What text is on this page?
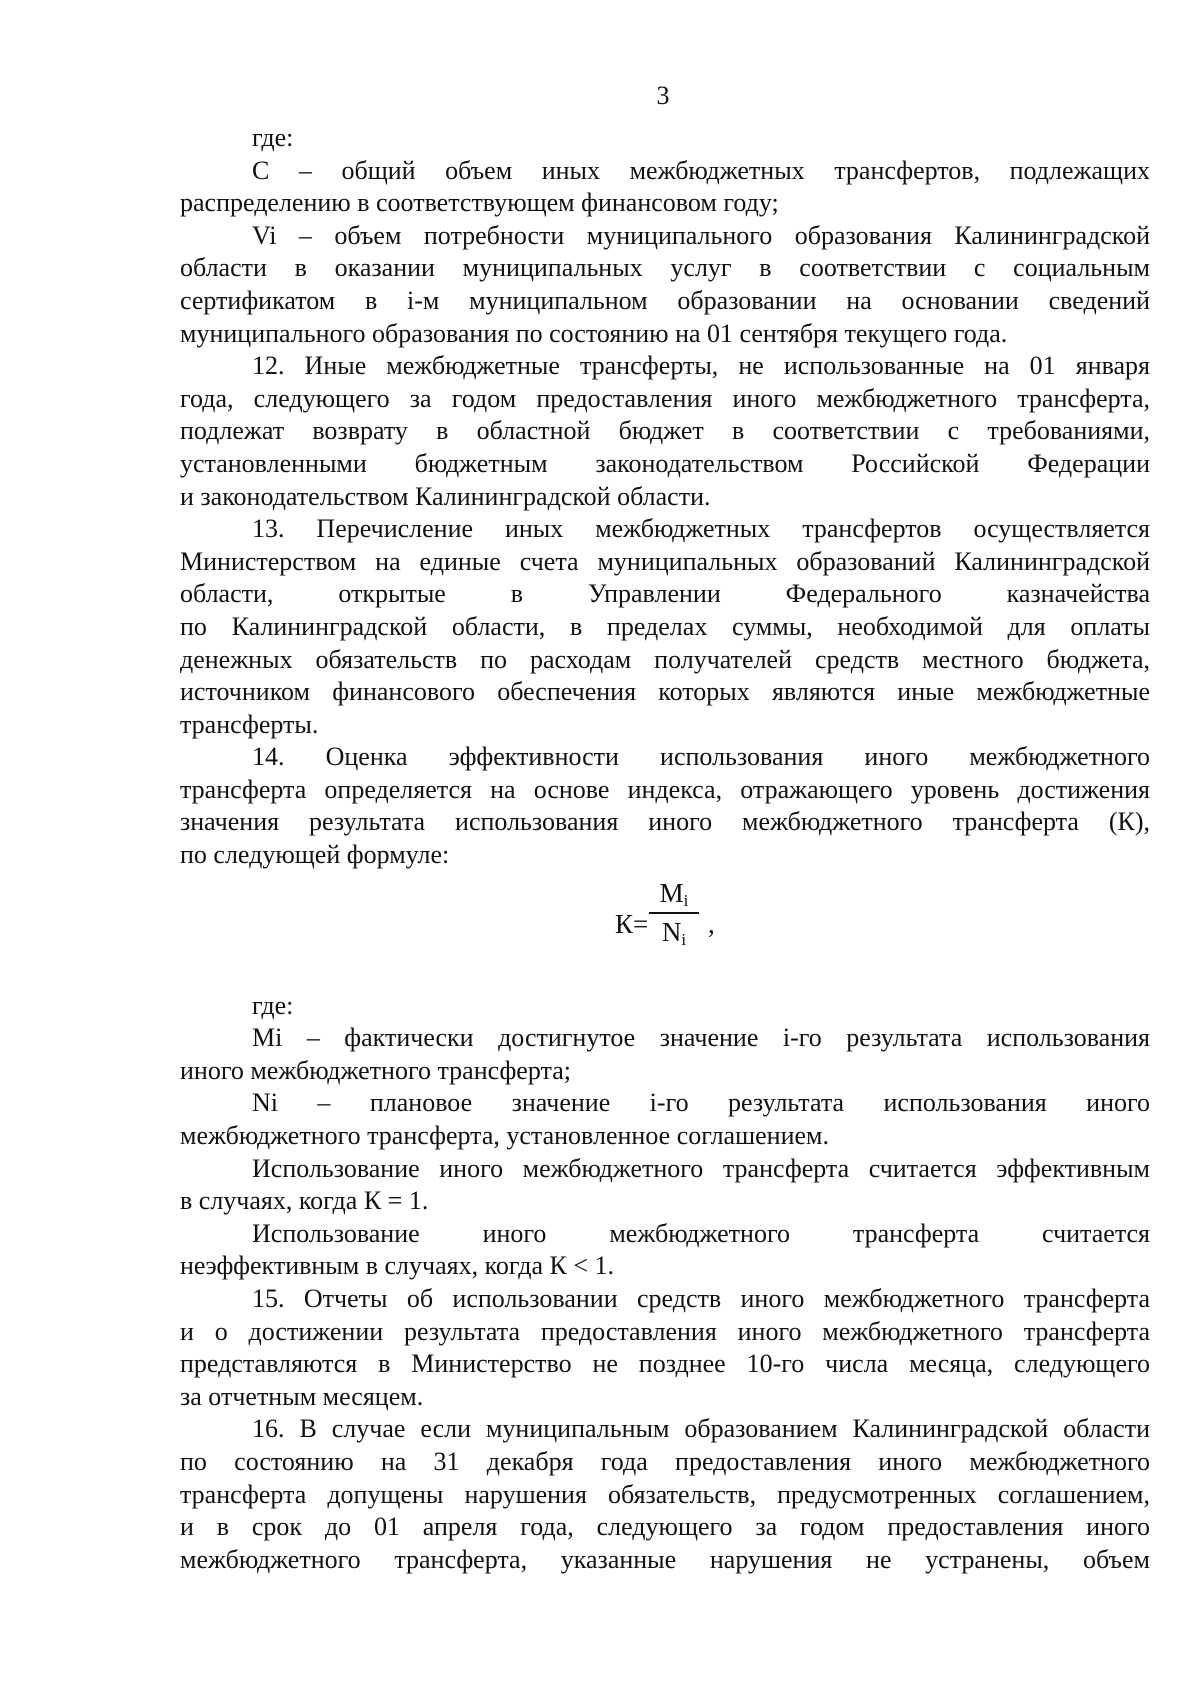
3
где:
С – общий объем иных межбюджетных трансфертов, подлежащих
распределению в соответствующем финансовом году;
Vi – объем потребности муниципального образования Калининградской
области в оказании муниципальных услуг в соответствии с социальным
сертификатом в i-м муниципальном образовании на основании сведений
муниципального образования по состоянию на 01 сентября текущего года.
12. Иные межбюджетные трансферты, не использованные на 01 января
года, следующего за годом предоставления иного межбюджетного трансферта,
подлежат возврату в областной бюджет в соответствии с требованиями,
установленными бюджетным законодательством Российской Федерации
и законодательством Калининградской области.
13. Перечисление иных межбюджетных трансфертов осуществляется
Министерством на единые счета муниципальных образований Калининградской
области, открытые в Управлении Федерального казначейства
по Калининградской области, в пределах суммы, необходимой для оплаты
денежных обязательств по расходам получателей средств местного бюджета,
источником финансового обеспечения которых являются иные межбюджетные
трансферты.
14. Оценка эффективности использования иного межбюджетного
трансферта определяется на основе индекса, отражающего уровень достижения
значения результата использования иного межбюджетного трансферта (К),
по следующей формуле:
К=
$M_i$
$N_i$
,
где:
Mi – фактически достигнутое значение i-го результата использования
иного межбюджетного трансферта;
Ni – плановое значение i-го результата использования иного
межбюджетного трансферта, установленное соглашением.
Использование иного межбюджетного трансферта считается эффективным
в случаях, когда К = 1.
Использование иного межбюджетного трансферта считается
неэффективным в случаях, когда К < 1.
15. Отчеты об использовании средств иного межбюджетного трансферта
и о достижении результата предоставления иного межбюджетного трансферта
представляются в Министерство не позднее 10-го числа месяца, следующего
за отчетным месяцем.
16. В случае если муниципальным образованием Калининградской области
по состоянию на 31 декабря года предоставления иного межбюджетного
трансферта допущены нарушения обязательств, предусмотренных соглашением,
и в срок до 01 апреля года, следующего за годом предоставления иного
межбюджетного трансферта, указанные нарушения не устранены, объем
